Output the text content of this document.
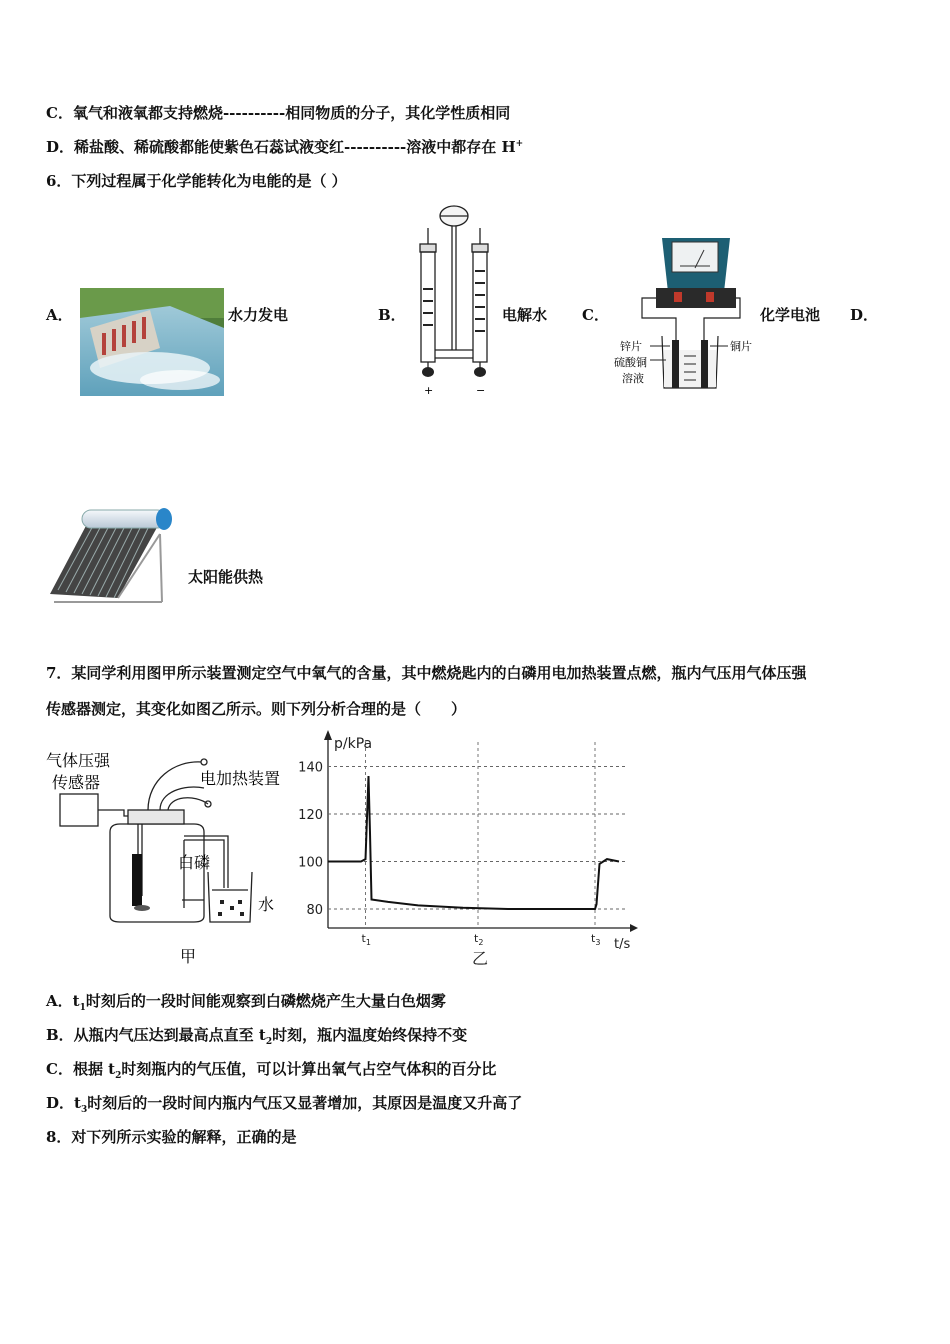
C．氧气和液氧都支持燃烧----------相同物质的分子，其化学性质相同
D．稀盐酸、稀硫酸都能使紫色石蕊试液变红----------溶液中都存在 H+
6．下列过程属于化学能转化为电能的是（ ）
A．	水力发电	B．
+	−
电解水 C．
锌片
硫酸铜
溶液
铜片
化学电池 D．
太阳能供热
7．某同学利用图甲所示装置测定空气中氧气的含量，其中燃烧匙内的白磷用电加热装置点燃，瓶内气压用气体压强
传感器测定，其变化如图乙所示。则下列分析合理的是（　　）
气体压强
传感器	电加热装置
白磷
水
甲
80
100
120
140
$t_1$	$t_2$	$t_3$
p/kPa
t/s
乙
A．$t_1$时刻后的一段时间能观察到白磷燃烧产生大量白色烟雾
B．从瓶内气压达到最高点直至 $t_2$时刻，瓶内温度始终保持不变
C．根据 $t_2$时刻瓶内的气压值，可以计算出氧气占空气体积的百分比
D．$t_3$时刻后的一段时间内瓶内气压又显著增加，其原因是温度又升高了
8．对下列所示实验的解释，正确的是
